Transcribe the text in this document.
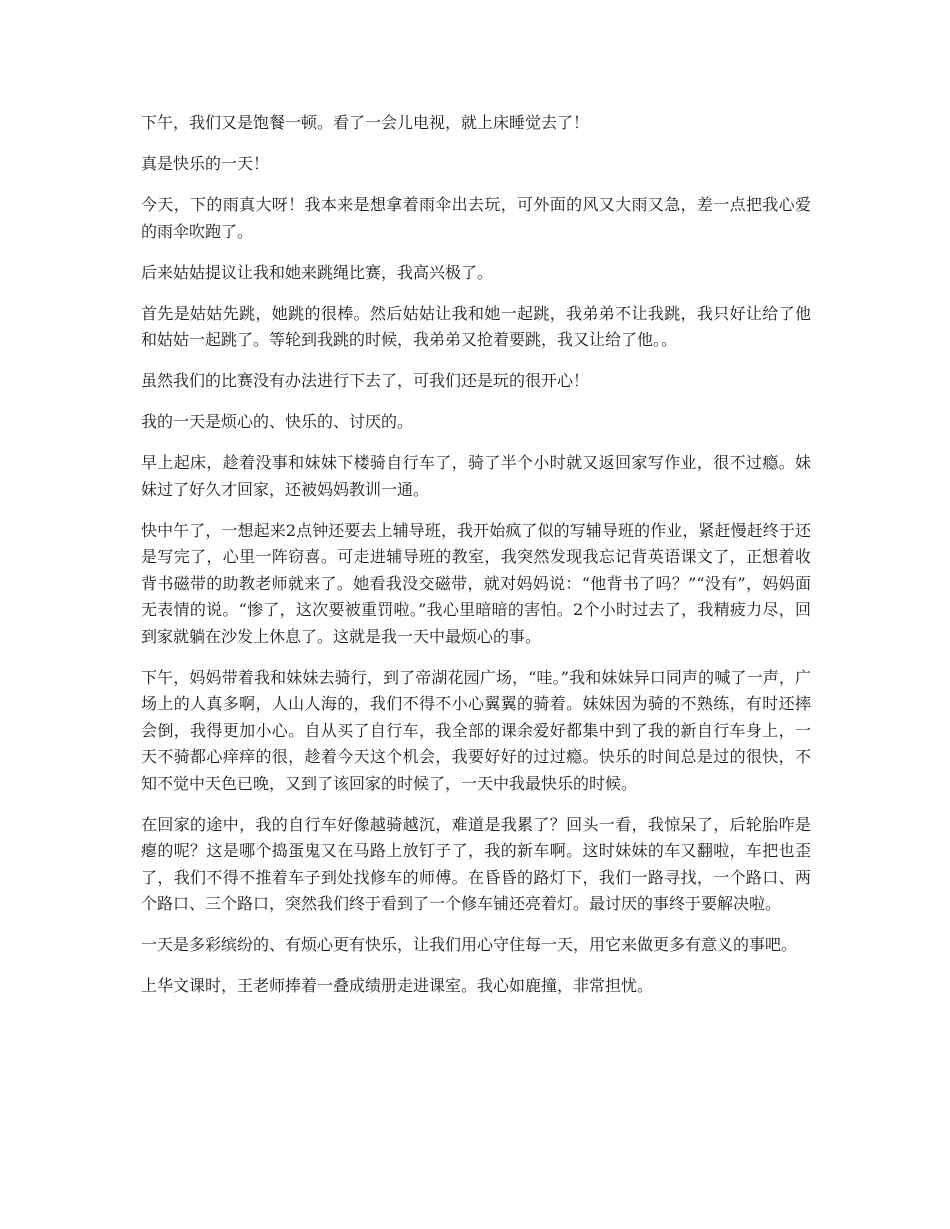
下午，我们又是饱餐一顿。看了一会儿电视，就上床睡觉去了！

真是快乐的一天！

今天，下的雨真大呀！我本来是想拿着雨伞出去玩，可外面的风又大雨又急，差一点把我心爱的雨伞吹跑了。

后来姑姑提议让我和她来跳绳比赛，我高兴极了。

首先是姑姑先跳，她跳的很棒。然后姑姑让我和她一起跳，我弟弟不让我跳，我只好让给了他和姑姑一起跳了。等轮到我跳的时候，我弟弟又抢着要跳，我又让给了他。。

虽然我们的比赛没有办法进行下去了，可我们还是玩的很开心！

我的一天是烦心的、快乐的、讨厌的。

早上起床，趁着没事和妹妹下楼骑自行车了，骑了半个小时就又返回家写作业，很不过瘾。妹妹过了好久才回家，还被妈妈教训一通。

快中午了，一想起来2点钟还要去上辅导班，我开始疯了似的写辅导班的作业，紧赶慢赶终于还是写完了，心里一阵窃喜。可走进辅导班的教室，我突然发现我忘记背英语课文了，正想着收背书磁带的助教老师就来了。她看我没交磁带，就对妈妈说：“他背书了吗？”“没有”，妈妈面无表情的说。“惨了，这次要被重罚啦。”我心里暗暗的害怕。2个小时过去了，我精疲力尽，回到家就躺在沙发上休息了。这就是我一天中最烦心的事。

下午，妈妈带着我和妹妹去骑行，到了帝湖花园广场，“哇。”我和妹妹异口同声的喊了一声，广场上的人真多啊，人山人海的，我们不得不小心翼翼的骑着。妹妹因为骑的不熟练，有时还摔会倒，我得更加小心。自从买了自行车，我全部的课余爱好都集中到了我的新自行车身上，一天不骑都心痒痒的很，趁着今天这个机会，我要好好的过过瘾。快乐的时间总是过的很快，不知不觉中天色已晚，又到了该回家的时候了，一天中我最快乐的时候。

在回家的途中，我的自行车好像越骑越沉，难道是我累了？回头一看，我惊呆了，后轮胎咋是瘪的呢？这是哪个捣蛋鬼又在马路上放钉子了，我的新车啊。这时妹妹的车又翻啦，车把也歪了，我们不得不推着车子到处找修车的师傅。在昏昏的路灯下，我们一路寻找，一个路口、两个路口、三个路口，突然我们终于看到了一个修车铺还亮着灯。最讨厌的事终于要解决啦。

一天是多彩缤纷的、有烦心更有快乐，让我们用心守住每一天，用它来做更多有意义的事吧。

上华文课时，王老师捧着一叠成绩册走进课室。我心如鹿撞，非常担忧。
